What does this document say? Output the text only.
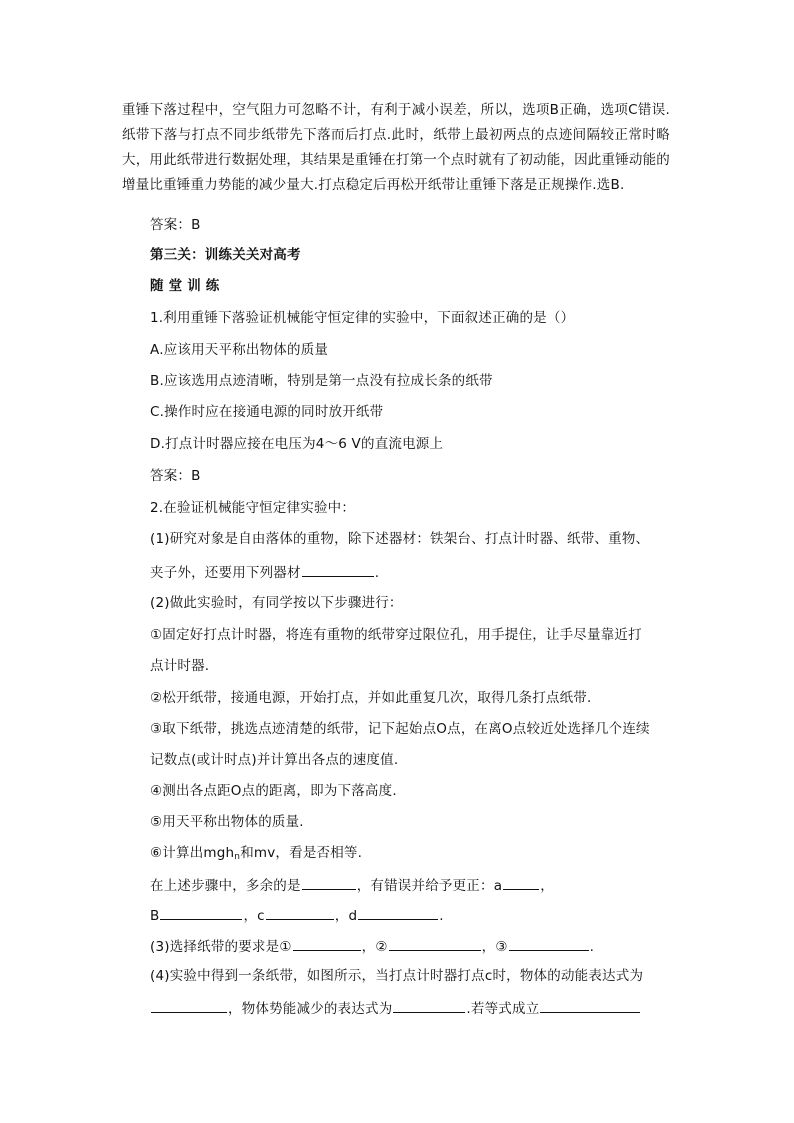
重锤下落过程中，空气阻力可忽略不计，有利于减小误差，所以，选项B正确，选项C错误.纸带下落与打点不同步纸带先下落而后打点.此时，纸带上最初两点的点迹间隔较正常时略大，用此纸带进行数据处理，其结果是重锤在打第一个点时就有了初动能，因此重锤动能的增量比重锤重力势能的减少量大.打点稳定后再松开纸带让重锤下落是正规操作.选B.

答案：B

第三关：训练关关对高考

随 堂 训 练

1.利用重锤下落验证机械能守恒定律的实验中，下面叙述正确的是（）

A.应该用天平称出物体的质量

B.应该选用点迹清晰，特别是第一点没有拉成长条的纸带

C.操作时应在接通电源的同时放开纸带

D.打点计时器应接在电压为4～6 V的直流电源上

答案：B

2.在验证机械能守恒定律实验中：

(1)研究对象是自由落体的重物，除下述器材：铁架台、打点计时器、纸带、重物、

夹子外，还要用下列器材	.

(2)做此实验时，有同学按以下步骤进行：

①固定好打点计时器，将连有重物的纸带穿过限位孔，用手提住，让手尽量靠近打

点计时器.

②松开纸带，接通电源，开始打点，并如此重复几次，取得几条打点纸带.

③取下纸带，挑选点迹清楚的纸带，记下起始点O点，在离O点较近处选择几个连续

记数点(或计时点)并计算出各点的速度值.

④测出各点距O点的距离，即为下落高度.

⑤用天平称出物体的质量.

⑥计算出mgh$_n$和mv，看是否相等.

在上述步骤中，多余的是	，有错误并给予更正：a	，

B	，c	，d	.

(3)选择纸带的要求是①	，②	，③	.

(4)实验中得到一条纸带，如图所示，当打点计时器打点c时，物体的动能表达式为

，物体势能减少的表达式为	.若等式成立
